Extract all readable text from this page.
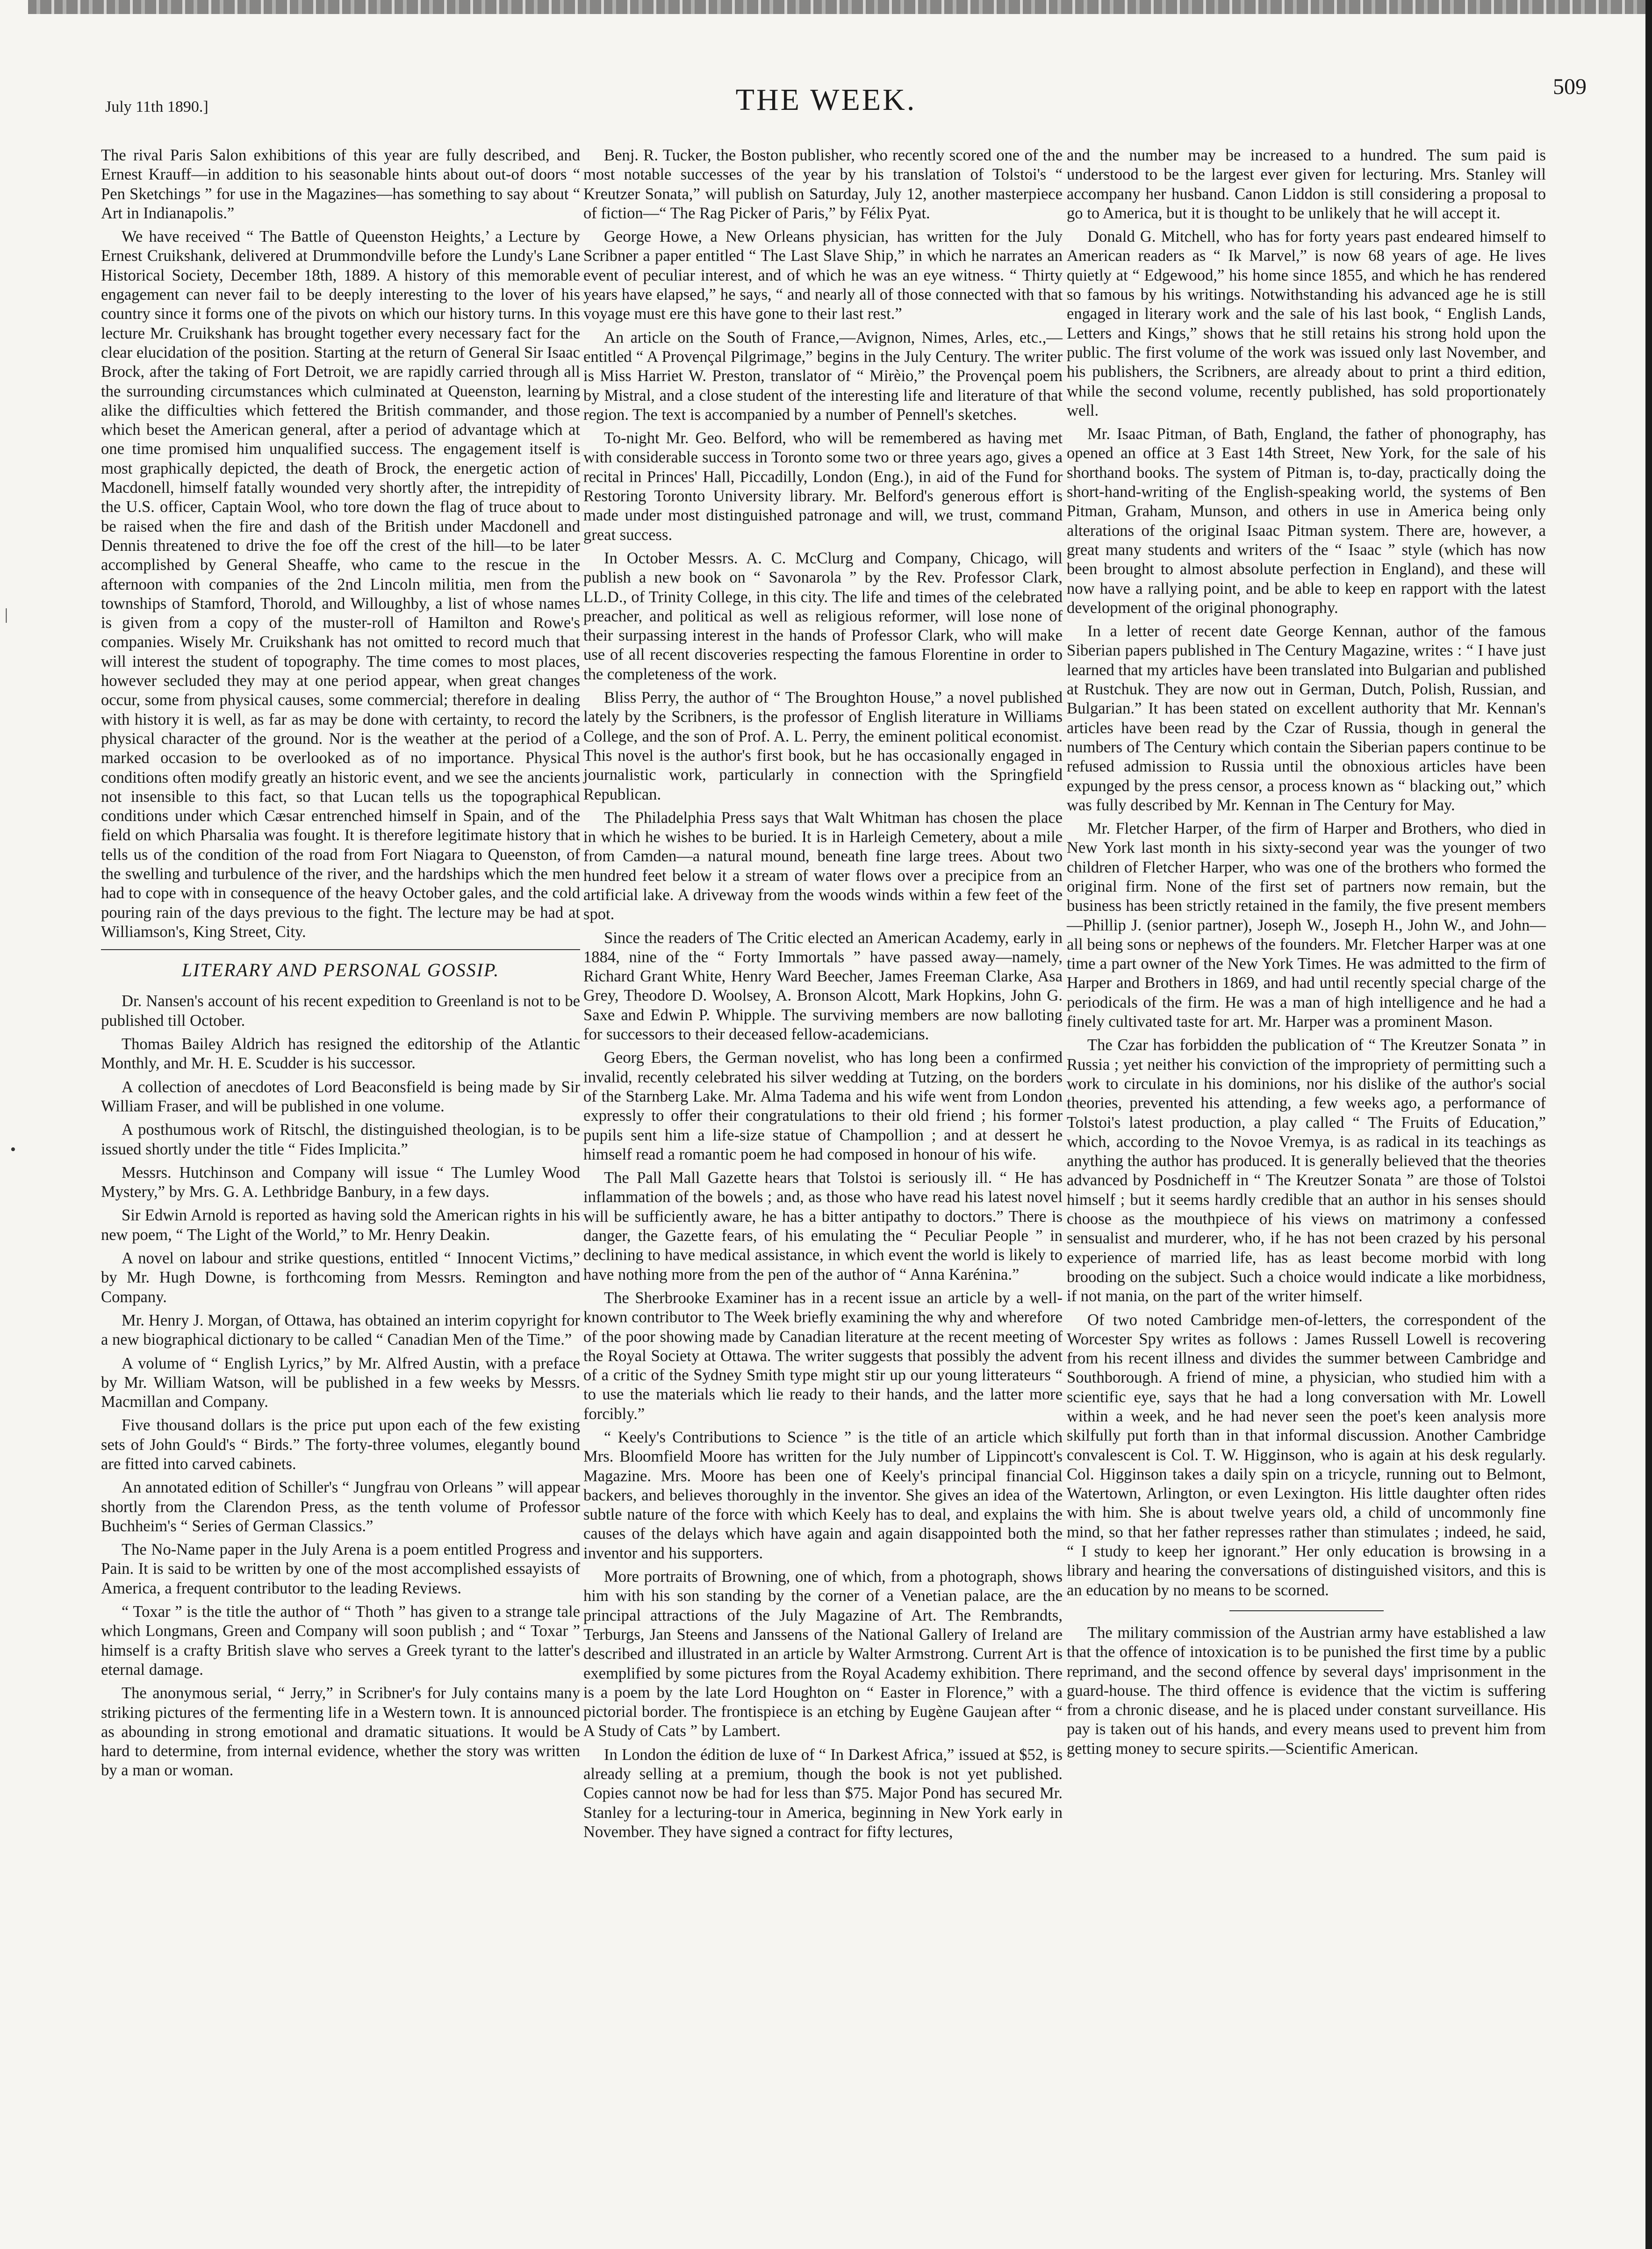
July 11th 1890.]	THE WEEK.	509
|
•

The rival Paris Salon exhibitions of this year are fully described, and Ernest Krauff—in addition to his seasonable hints about out-of doors “ Pen Sketchings ” for use in the Magazines—has something to say about “ Art in Indianapolis.”

We have received “ The Battle of Queenston Heights,’ a Lecture by Ernest Cruikshank, delivered at Drummondville before the Lundy's Lane Historical Society, December 18th, 1889. A history of this memorable engagement can never fail to be deeply interesting to the lover of his country since it forms one of the pivots on which our history turns. In this lecture Mr. Cruikshank has brought together every necessary fact for the clear elucidation of the position. Starting at the return of General Sir Isaac Brock, after the taking of Fort Detroit, we are rapidly carried through all the surrounding circumstances which culminated at Queenston, learning alike the difficulties which fettered the British commander, and those which beset the American general, after a period of advantage which at one time promised him unqualified success. The engagement itself is most graphically depicted, the death of Brock, the energetic action of Macdonell, himself fatally wounded very shortly after, the intrepidity of the U.S. officer, Captain Wool, who tore down the flag of truce about to be raised when the fire and dash of the British under Macdonell and Dennis threatened to drive the foe off the crest of the hill—to be later accomplished by General Sheaffe, who came to the rescue in the afternoon with companies of the 2nd Lincoln militia, men from the townships of Stamford, Thorold, and Willoughby, a list of whose names is given from a copy of the muster-roll of Hamilton and Rowe's companies. Wisely Mr. Cruikshank has not omitted to record much that will interest the student of topography. The time comes to most places, however secluded they may at one period appear, when great changes occur, some from physical causes, some commercial; therefore in dealing with history it is well, as far as may be done with certainty, to record the physical character of the ground. Nor is the weather at the period of a marked occasion to be overlooked as of no importance. Physical conditions often modify greatly an historic event, and we see the ancients not insensible to this fact, so that Lucan tells us the topographical conditions under which Cæsar entrenched himself in Spain, and of the field on which Pharsalia was fought. It is therefore legitimate history that tells us of the condition of the road from Fort Niagara to Queenston, of the swelling and turbulence of the river, and the hardships which the men had to cope with in consequence of the heavy October gales, and the cold pouring rain of the days previous to the fight. The lecture may be had at Williamson's, King Street, City.

LITERARY AND PERSONAL GOSSIP.

Dr. Nansen's account of his recent expedition to Greenland is not to be published till October.

Thomas Bailey Aldrich has resigned the editorship of the Atlantic Monthly, and Mr. H. E. Scudder is his successor.

A collection of anecdotes of Lord Beaconsfield is being made by Sir William Fraser, and will be published in one volume.

A posthumous work of Ritschl, the distinguished theologian, is to be issued shortly under the title “ Fides Implicita.”

Messrs. Hutchinson and Company will issue “ The Lumley Wood Mystery,” by Mrs. G. A. Lethbridge Banbury, in a few days.

Sir Edwin Arnold is reported as having sold the American rights in his new poem, “ The Light of the World,” to Mr. Henry Deakin.

A novel on labour and strike questions, entitled “ Innocent Victims,” by Mr. Hugh Downe, is forthcoming from Messrs. Remington and Company.

Mr. Henry J. Morgan, of Ottawa, has obtained an interim copyright for a new biographical dictionary to be called “ Canadian Men of the Time.”

A volume of “ English Lyrics,” by Mr. Alfred Austin, with a preface by Mr. William Watson, will be published in a few weeks by Messrs. Macmillan and Company.

Five thousand dollars is the price put upon each of the few existing sets of John Gould's “ Birds.” The forty-three volumes, elegantly bound are fitted into carved cabinets.

An annotated edition of Schiller's “ Jungfrau von Orleans ” will appear shortly from the Clarendon Press, as the tenth volume of Professor Buchheim's “ Series of German Classics.”

The No-Name paper in the July Arena is a poem entitled Progress and Pain. It is said to be written by one of the most accomplished essayists of America, a frequent contributor to the leading Reviews.

“ Toxar ” is the title the author of “ Thoth ” has given to a strange tale which Longmans, Green and Company will soon publish ; and “ Toxar ” himself is a crafty British slave who serves a Greek tyrant to the latter's eternal damage.

The anonymous serial, “ Jerry,” in Scribner's for July contains many striking pictures of the fermenting life in a Western town. It is announced as abounding in strong emotional and dramatic situations. It would be hard to determine, from internal evidence, whether the story was written by a man or woman.

Benj. R. Tucker, the Boston publisher, who recently scored one of the most notable successes of the year by his translation of Tolstoi's “ Kreutzer Sonata,” will publish on Saturday, July 12, another masterpiece of fiction—“ The Rag Picker of Paris,” by Félix Pyat.

George Howe, a New Orleans physician, has written for the July Scribner a paper entitled “ The Last Slave Ship,” in which he narrates an event of peculiar interest, and of which he was an eye witness. “ Thirty years have elapsed,” he says, “ and nearly all of those connected with that voyage must ere this have gone to their last rest.”

An article on the South of France,—Avignon, Nimes, Arles, etc.,—entitled “ A Provençal Pilgrimage,” begins in the July Century. The writer is Miss Harriet W. Preston, translator of “ Mirèio,” the Provençal poem by Mistral, and a close student of the interesting life and literature of that region. The text is accompanied by a number of Pennell's sketches.

To-night Mr. Geo. Belford, who will be remembered as having met with considerable success in Toronto some two or three years ago, gives a recital in Princes' Hall, Piccadilly, London (Eng.), in aid of the Fund for Restoring Toronto University library. Mr. Belford's generous effort is made under most distinguished patronage and will, we trust, command great success.

In October Messrs. A. C. McClurg and Company, Chicago, will publish a new book on “ Savonarola ” by the Rev. Professor Clark, LL.D., of Trinity College, in this city. The life and times of the celebrated preacher, and political as well as religious reformer, will lose none of their surpassing interest in the hands of Professor Clark, who will make use of all recent discoveries respecting the famous Florentine in order to the completeness of the work.

Bliss Perry, the author of “ The Broughton House,” a novel published lately by the Scribners, is the professor of English literature in Williams College, and the son of Prof. A. L. Perry, the eminent political economist. This novel is the author's first book, but he has occasionally engaged in journalistic work, particularly in connection with the Springfield Republican.

The Philadelphia Press says that Walt Whitman has chosen the place in which he wishes to be buried. It is in Harleigh Cemetery, about a mile from Camden—a natural mound, beneath fine large trees. About two hundred feet below it a stream of water flows over a precipice from an artificial lake. A driveway from the woods winds within a few feet of the spot.

Since the readers of The Critic elected an American Academy, early in 1884, nine of the “ Forty Immortals ” have passed away—namely, Richard Grant White, Henry Ward Beecher, James Freeman Clarke, Asa Grey, Theodore D. Woolsey, A. Bronson Alcott, Mark Hopkins, John G. Saxe and Edwin P. Whipple. The surviving members are now balloting for successors to their deceased fellow-academicians.

Georg Ebers, the German novelist, who has long been a confirmed invalid, recently celebrated his silver wedding at Tutzing, on the borders of the Starnberg Lake. Mr. Alma Tadema and his wife went from London expressly to offer their congratulations to their old friend ; his former pupils sent him a life-size statue of Champollion ; and at dessert he himself read a romantic poem he had composed in honour of his wife.

The Pall Mall Gazette hears that Tolstoi is seriously ill. “ He has inflammation of the bowels ; and, as those who have read his latest novel will be sufficiently aware, he has a bitter antipathy to doctors.” There is danger, the Gazette fears, of his emulating the “ Peculiar People ” in declining to have medical assistance, in which event the world is likely to have nothing more from the pen of the author of “ Anna Karénina.”

The Sherbrooke Examiner has in a recent issue an article by a well-known contributor to The Week briefly examining the why and wherefore of the poor showing made by Canadian literature at the recent meeting of the Royal Society at Ottawa. The writer suggests that possibly the advent of a critic of the Sydney Smith type might stir up our young litterateurs “ to use the materials which lie ready to their hands, and the latter more forcibly.”

“ Keely's Contributions to Science ” is the title of an article which Mrs. Bloomfield Moore has written for the July number of Lippincott's Magazine. Mrs. Moore has been one of Keely's principal financial backers, and believes thoroughly in the inventor. She gives an idea of the subtle nature of the force with which Keely has to deal, and explains the causes of the delays which have again and again disappointed both the inventor and his supporters.

More portraits of Browning, one of which, from a photograph, shows him with his son standing by the corner of a Venetian palace, are the principal attractions of the July Magazine of Art. The Rembrandts, Terburgs, Jan Steens and Janssens of the National Gallery of Ireland are described and illustrated in an article by Walter Armstrong. Current Art is exemplified by some pictures from the Royal Academy exhibition. There is a poem by the late Lord Houghton on “ Easter in Florence,” with a pictorial border. The frontispiece is an etching by Eugène Gaujean after “ A Study of Cats ” by Lambert.

In London the édition de luxe of “ In Darkest Africa,” issued at $52, is already selling at a premium, though the book is not yet published. Copies cannot now be had for less than $75. Major Pond has secured Mr. Stanley for a lecturing-tour in America, beginning in New York early in November. They have signed a contract for fifty lectures,

and the number may be increased to a hundred. The sum paid is understood to be the largest ever given for lecturing. Mrs. Stanley will accompany her husband. Canon Liddon is still considering a proposal to go to America, but it is thought to be unlikely that he will accept it.

Donald G. Mitchell, who has for forty years past endeared himself to American readers as “ Ik Marvel,” is now 68 years of age. He lives quietly at “ Edgewood,” his home since 1855, and which he has rendered so famous by his writings. Notwithstanding his advanced age he is still engaged in literary work and the sale of his last book, “ English Lands, Letters and Kings,” shows that he still retains his strong hold upon the public. The first volume of the work was issued only last November, and his publishers, the Scribners, are already about to print a third edition, while the second volume, recently published, has sold proportionately well.

Mr. Isaac Pitman, of Bath, England, the father of phonography, has opened an office at 3 East 14th Street, New York, for the sale of his shorthand books. The system of Pitman is, to-day, practically doing the short-hand-writing of the English-speaking world, the systems of Ben Pitman, Graham, Munson, and others in use in America being only alterations of the original Isaac Pitman system. There are, however, a great many students and writers of the “ Isaac ” style (which has now been brought to almost absolute perfection in England), and these will now have a rallying point, and be able to keep en rapport with the latest development of the original phonography.

In a letter of recent date George Kennan, author of the famous Siberian papers published in The Century Magazine, writes : “ I have just learned that my articles have been translated into Bulgarian and published at Rustchuk. They are now out in German, Dutch, Polish, Russian, and Bulgarian.” It has been stated on excellent authority that Mr. Kennan's articles have been read by the Czar of Russia, though in general the numbers of The Century which contain the Siberian papers continue to be refused admission to Russia until the obnoxious articles have been expunged by the press censor, a process known as “ blacking out,” which was fully described by Mr. Kennan in The Century for May.

Mr. Fletcher Harper, of the firm of Harper and Brothers, who died in New York last month in his sixty-second year was the younger of two children of Fletcher Harper, who was one of the brothers who formed the original firm. None of the first set of partners now remain, but the business has been strictly retained in the family, the five present members—Phillip J. (senior partner), Joseph W., Joseph H., John W., and John—all being sons or nephews of the founders. Mr. Fletcher Harper was at one time a part owner of the New York Times. He was admitted to the firm of Harper and Brothers in 1869, and had until recently special charge of the periodicals of the firm. He was a man of high intelligence and he had a finely cultivated taste for art. Mr. Harper was a prominent Mason.

The Czar has forbidden the publication of “ The Kreutzer Sonata ” in Russia ; yet neither his conviction of the impropriety of permitting such a work to circulate in his dominions, nor his dislike of the author's social theories, prevented his attending, a few weeks ago, a performance of Tolstoi's latest production, a play called “ The Fruits of Education,” which, according to the Novoe Vremya, is as radical in its teachings as anything the author has produced. It is generally believed that the theories advanced by Posdnicheff in “ The Kreutzer Sonata ” are those of Tolstoi himself ; but it seems hardly credible that an author in his senses should choose as the mouthpiece of his views on matrimony a confessed sensualist and murderer, who, if he has not been crazed by his personal experience of married life, has as least become morbid with long brooding on the subject. Such a choice would indicate a like morbidness, if not mania, on the part of the writer himself.

Of two noted Cambridge men-of-letters, the correspondent of the Worcester Spy writes as follows : James Russell Lowell is recovering from his recent illness and divides the summer between Cambridge and Southborough. A friend of mine, a physician, who studied him with a scientific eye, says that he had a long conversation with Mr. Lowell within a week, and he had never seen the poet's keen analysis more skilfully put forth than in that informal discussion. Another Cambridge convalescent is Col. T. W. Higginson, who is again at his desk regularly. Col. Higginson takes a daily spin on a tricycle, running out to Belmont, Watertown, Arlington, or even Lexington. His little daughter often rides with him. She is about twelve years old, a child of uncommonly fine mind, so that her father represses rather than stimulates ; indeed, he said, “ I study to keep her ignorant.” Her only education is browsing in a library and hearing the conversations of distinguished visitors, and this is an education by no means to be scorned.

The military commission of the Austrian army have established a law that the offence of intoxication is to be punished the first time by a public reprimand, and the second offence by several days' imprisonment in the guard-house. The third offence is evidence that the victim is suffering from a chronic disease, and he is placed under constant surveillance. His pay is taken out of his hands, and every means used to prevent him from getting money to secure spirits.—Scientific American.
